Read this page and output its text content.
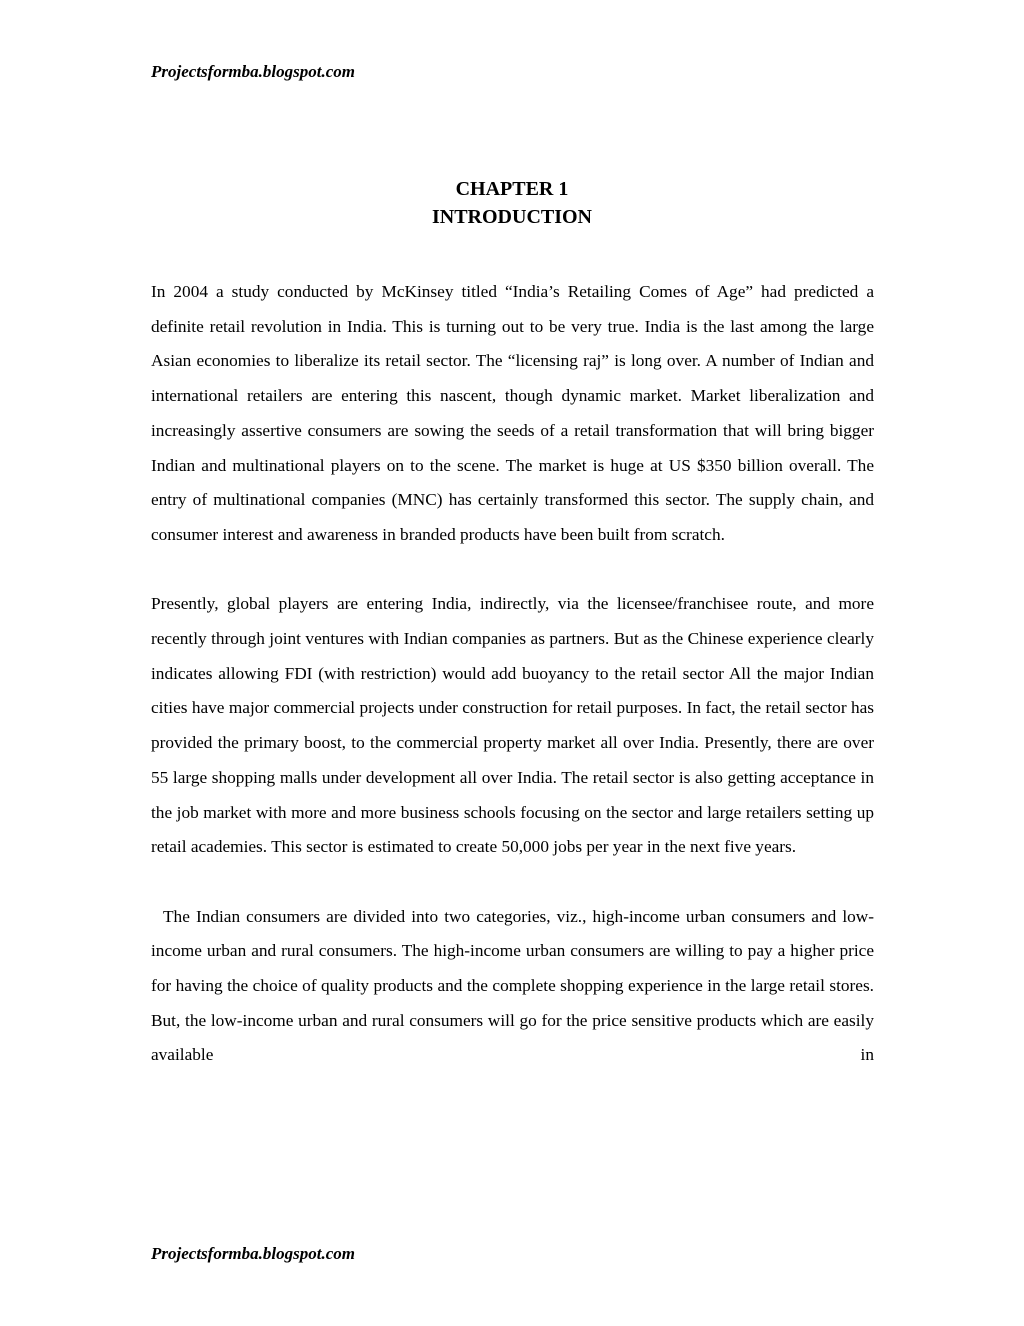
Projectsformba.blogspot.com
CHAPTER 1
INTRODUCTION

In 2004 a study conducted by McKinsey titled “India’s Retailing Comes of Age” had predicted a definite retail revolution in India. This is turning out to be very true. India is the last among the large Asian economies to liberalize its retail sector. The “licensing raj” is long over. A number of Indian and international retailers are entering this nascent, though dynamic market. Market liberalization and increasingly assertive consumers are sowing the seeds of a retail transformation that will bring bigger Indian and multinational players on to the scene. The market is huge at US $350 billion overall. The entry of multinational companies (MNC) has certainly transformed this sector. The supply chain, and consumer interest and awareness in branded products have been built from scratch.

Presently, global players are entering India, indirectly, via the licensee/franchisee route, and more recently through joint ventures with Indian companies as partners. But as the Chinese experience clearly indicates allowing FDI (with restriction) would add buoyancy to the retail sector All the major Indian cities have major commercial projects under construction for retail purposes. In fact, the retail sector has provided the primary boost, to the commercial property market all over India. Presently, there are over 55 large shopping malls under development all over India. The retail sector is also getting acceptance in the job market with more and more business schools focusing on the sector and large retailers setting up retail academies. This sector is estimated to create 50,000 jobs per year in the next five years.

The Indian consumers are divided into two categories, viz., high-income urban consumers and low-income urban and rural consumers. The high-income urban consumers are willing to pay a higher price for having the choice of quality products and the complete shopping experience in the large retail stores. But, the low-income urban and rural consumers will go for the price sensitive products which are easily available in

Projectsformba.blogspot.com
